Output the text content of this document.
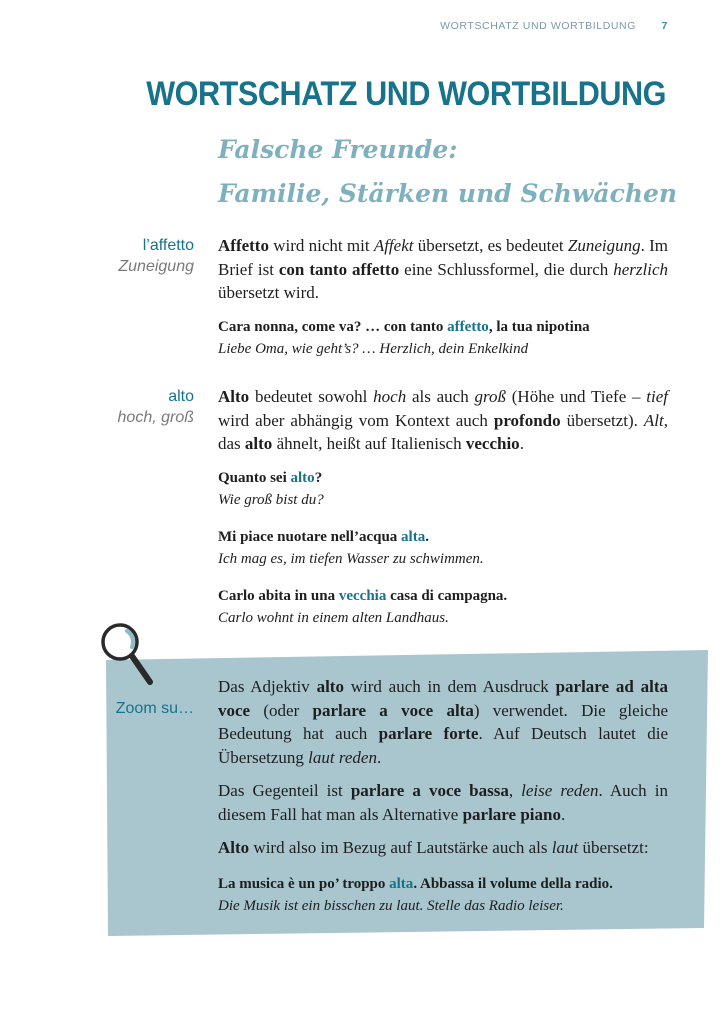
WORTSCHATZ UND WORTBILDUNG 7
WORTSCHATZ UND WORTBILDUNG
Falsche Freunde:
Familie, Stärken und Schwächen
l’affetto
Zuneigung

Affetto wird nicht mit Affekt übersetzt, es bedeutet Zuneigung. Im Brief ist con tanto affetto eine Schlussformel, die durch herzlich übersetzt wird.

Cara nonna, come va? … con tanto affetto, la tua nipotina
Liebe Oma, wie geht’s? … Herzlich, dein Enkelkind
alto
hoch, groß

Alto bedeutet sowohl hoch als auch groß (Höhe und Tiefe – tief wird aber abhängig vom Kontext auch profondo übersetzt). Alt, das alto ähnelt, heißt auf Italienisch vecchio.

Quanto sei alto?
Wie groß bist du?
Mi piace nuotare nell’acqua alta.
Ich mag es, im tiefen Wasser zu schwimmen.
Carlo abita in una vecchia casa di campagna.
Carlo wohnt in einem alten Landhaus.
Zoom su…

Das Adjektiv alto wird auch in dem Ausdruck parlare ad alta voce (oder parlare a voce alta) verwendet. Die gleiche Bedeutung hat auch parlare forte. Auf Deutsch lautet die Übersetzung laut reden.

Das Gegenteil ist parlare a voce bassa, leise reden. Auch in diesem Fall hat man als Alternative parlare piano.

Alto wird also im Bezug auf Lautstärke auch als laut übersetzt:

La musica è un po’ troppo alta. Abbassa il volume della radio.
Die Musik ist ein bisschen zu laut. Stelle das Radio leiser.
